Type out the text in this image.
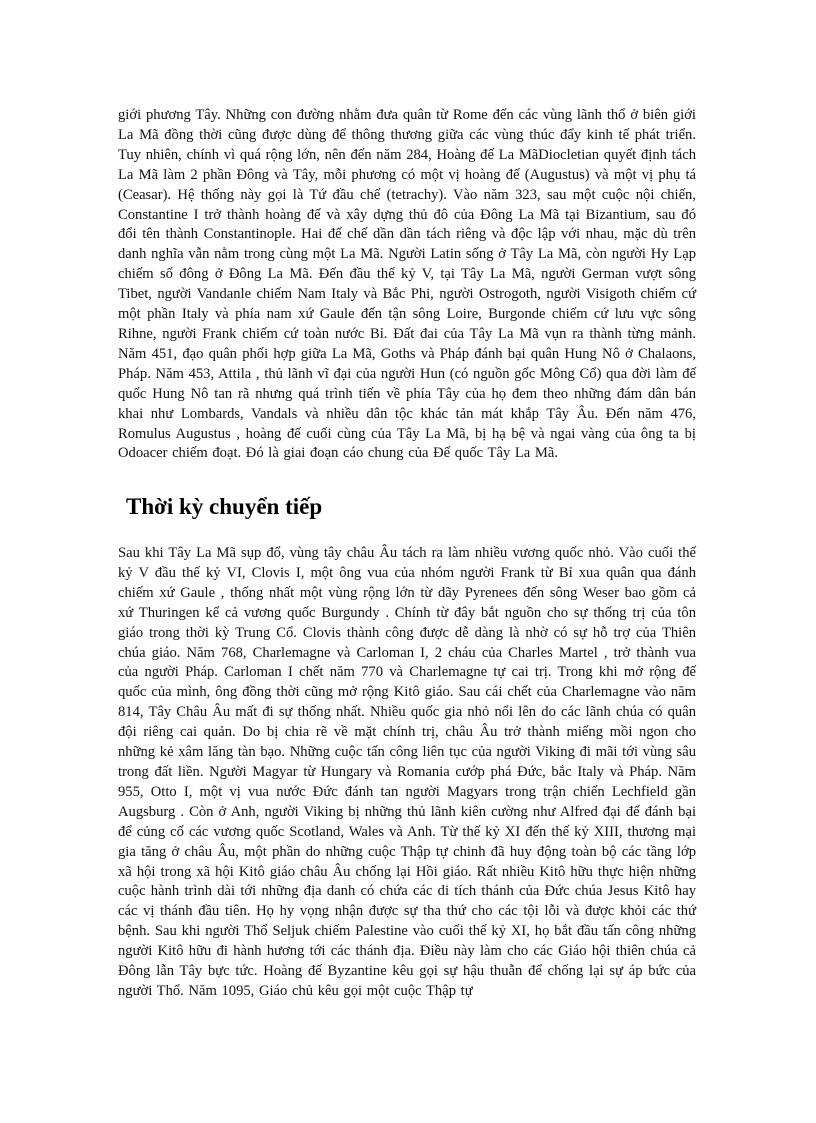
giới phương Tây. Những con đường nhằm đưa quân từ Rome đến các vùng lãnh thổ ở biên giới La Mã đồng thời cũng được dùng để thông thương giữa các vùng thúc đẩy kinh tế phát triển. Tuy nhiên, chính vì quá rộng lớn, nên đến năm 284, Hoàng đế La MãDiocletian quyết định tách La Mã làm 2 phần Đông và Tây, mỗi phương có một vị hoàng đế (Augustus) và một vị phụ tá (Ceasar). Hệ thống này gọi là Tứ đầu chế (tetrachy). Vào năm 323, sau một cuộc nội chiến, Constantine I trở thành hoàng đế và xây dựng thủ đô của Đông La Mã tại Bizantium, sau đó đổi tên thành Constantinople. Hai đế chế dần dần tách riêng và độc lập với nhau, mặc dù trên danh nghĩa vẫn nằm trong cùng một La Mã. Người Latin sống ở Tây La Mã, còn người Hy Lạp chiếm số đông ở Đông La Mã. Đến đầu thế kỷ V, tại Tây La Mã, người German vượt sông Tibet, người Vandanle chiếm Nam Italy và Bắc Phi, người Ostrogoth, người Visigoth chiếm cứ một phần Italy và phía nam xứ Gaule đến tận sông Loire, Burgonde chiếm cứ lưu vực sông Rihne, người Frank chiếm cứ toàn nước Bỉ. Đất đai của Tây La Mã vụn ra thành từng mảnh. Năm 451, đạo quân phối hợp giữa La Mã, Goths và Pháp đánh bại quân Hung Nô ở Chalaons, Pháp. Năm 453, Attila , thủ lãnh vĩ đại của người Hun (có nguồn gốc Mông Cổ) qua đời làm đế quốc Hung Nô tan rã nhưng quá trình tiến về phía Tây của họ đem theo những đám dân bán khai như Lombards, Vandals và nhiều dân tộc khác tản mát khắp Tây Âu. Đến năm 476, Romulus Augustus , hoàng đế cuối cùng của Tây La Mã, bị hạ bệ và ngai vàng của ông ta bị Odoacer chiếm đoạt. Đó là giai đoạn cáo chung của Đế quốc Tây La Mã.

Thời kỳ chuyển tiếp

Sau khi Tây La Mã sụp đổ, vùng tây châu Âu tách ra làm nhiều vương quốc nhỏ. Vào cuối thế kỷ V đầu thế kỷ VI, Clovis I, một ông vua của nhóm người Frank từ Bỉ xua quân qua đánh chiếm xứ Gaule , thống nhất một vùng rộng lớn từ dãy Pyrenees đến sông Weser bao gồm cả xứ Thuringen kể cả vương quốc Burgundy . Chính từ đây bắt nguồn cho sự thống trị của tôn giáo trong thời kỳ Trung Cổ. Clovis thành công được dễ dàng là nhờ có sự hỗ trợ của Thiên chúa giáo. Năm 768, Charlemagne và Carloman I, 2 cháu của Charles Martel , trở thành vua của người Pháp. Carloman I chết năm 770 và Charlemagne tự cai trị. Trong khi mở rộng đế quốc của mình, ông đồng thời cũng mở rộng Kitô giáo. Sau cái chết của Charlemagne vào năm 814, Tây Châu Âu mất đi sự thống nhất. Nhiều quốc gia nhỏ nổi lên do các lãnh chúa có quân đội riêng cai quản. Do bị chia rẽ về mặt chính trị, châu Âu trở thành miếng mồi ngon cho những kẻ xâm lăng tàn bạo. Những cuộc tấn công liên tục của người Viking đi mãi tới vùng sâu trong đất liền. Người Magyar từ Hungary và Romania cướp phá Đức, bắc Italy và Pháp. Năm 955, Otto I, một vị vua nước Đức đánh tan người Magyars trong trận chiến Lechfield gần Augsburg . Còn ở Anh, người Viking bị những thủ lãnh kiên cường như Alfred đại đế đánh bại để củng cố các vương quốc Scotland, Wales và Anh. Từ thế kỷ XI đến thế kỷ XIII, thương mại gia tăng ở châu Âu, một phần do những cuộc Thập tự chinh đã huy động toàn bộ các tầng lớp xã hội trong xã hội Kitô giáo châu Âu chống lại Hồi giáo. Rất nhiều Kitô hữu thực hiện những cuộc hành trình dài tới những địa danh có chứa các di tích thánh của Đức chúa Jesus Kitô hay các vị thánh đầu tiên. Họ hy vọng nhận được sự tha thứ cho các tội lỗi và được khỏi các thứ bệnh. Sau khi người Thổ Seljuk chiếm Palestine vào cuối thế kỷ XI, họ bắt đầu tấn công những người Kitô hữu đi hành hương tới các thánh địa. Điều này làm cho các Giáo hội thiên chúa cả Đông lẫn Tây bực tức. Hoàng đế Byzantine kêu gọi sự hậu thuẫn để chống lại sự áp bức của người Thổ. Năm 1095, Giáo chủ kêu gọi một cuộc Thập tự
